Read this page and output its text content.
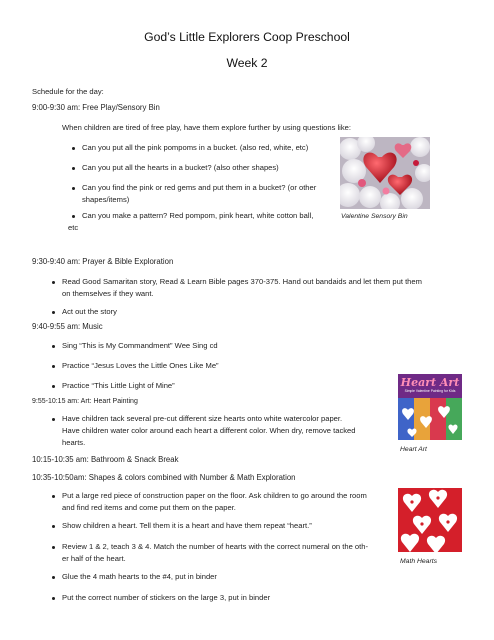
God’s Little Explorers Coop Preschool
Week 2
Schedule for the day:
9:00-9:30 am: Free Play/Sensory Bin
When children are tired of free play, have them explore further by using questions like:
Can you put all the pink pompoms in a bucket. (also red, white, etc)
Can you put all the hearts in a bucket? (also other shapes)
Can you find the pink or red gems and put them in a bucket? (or other
shapes/items)
Can you make a pattern? Red pompom, pink heart, white cotton ball,
etc
Valentine Sensory Bin
9:30-9:40 am: Prayer & Bible Exploration
Read Good Samaritan story, Read & Learn Bible pages 370-375. Hand out bandaids and let them put them
on themselves if they want.
Act out the story
9:40-9:55 am: Music
Sing “This is My Commandment” Wee Sing cd
Practice “Jesus Loves the Little Ones Like Me”
Practice “This Little Light of Mine”
9:55-10:15 am: Art: Heart Painting
Have children tack several pre-cut different size hearts onto white watercolor paper.
Have children water color around each heart a different color. When dry, remove tacked
hearts.
Heart Art
Simple Valentine Painting for Kids
Heart Art
10:15-10:35 am: Bathroom & Snack Break
10:35-10:50am: Shapes & colors combined with Number & Math Exploration
Put a large red piece of construction paper on the floor. Ask children to go around the room
and find red items and come put them on the paper.
Show children a heart. Tell them it is a heart and have them repeat “heart.”
Review 1 & 2, teach 3 & 4. Match the number of hearts with the correct numeral on the oth-
er half of the heart.
Glue the 4 math hearts to the #4, put in binder
Put the correct number of stickers on the large 3, put in binder
Math Hearts
